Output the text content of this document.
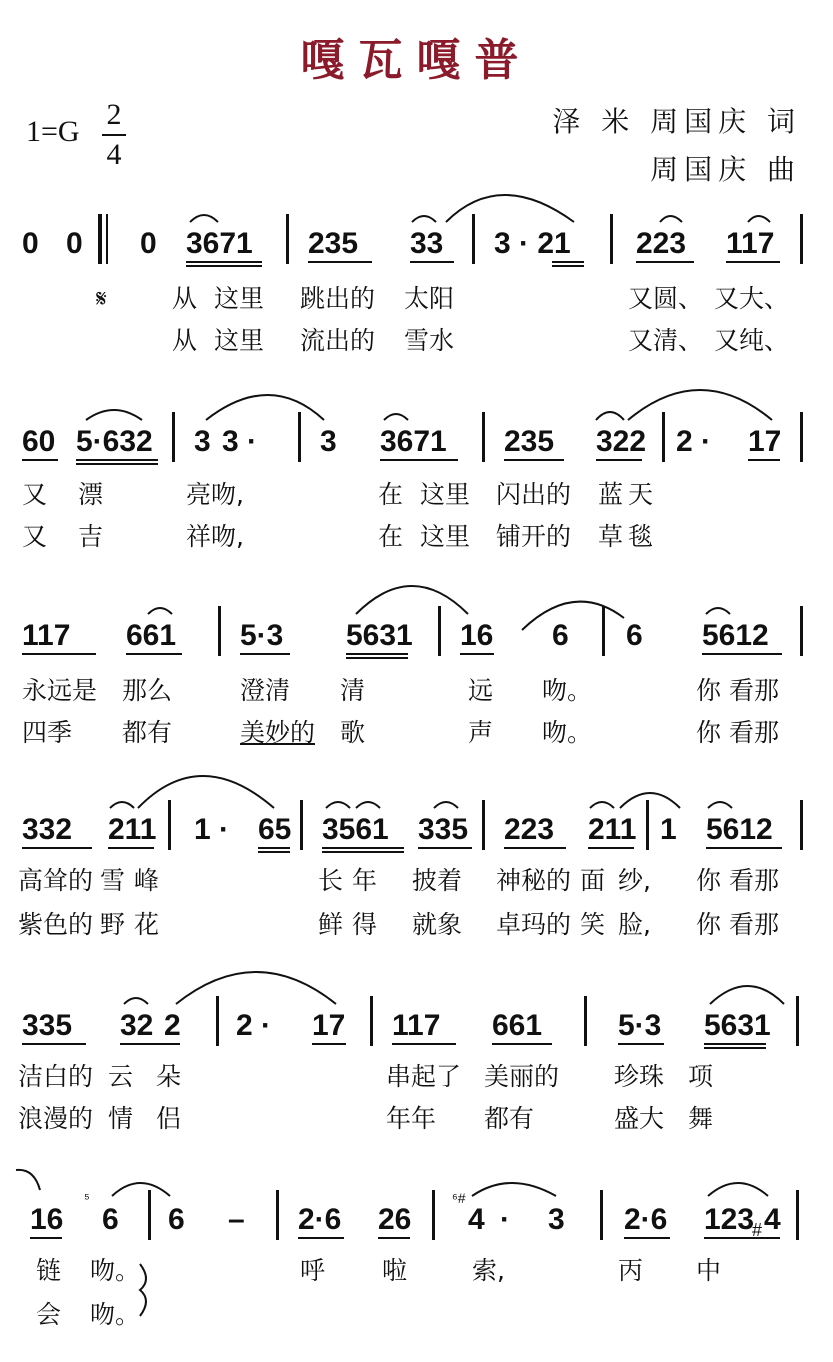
嘎瓦嘎普
1=G
2
4
泽 米 周国庆 词
周国庆 曲
0 0 0 3671 235 33 3 · 21 223 117
𝄋	从 这里 跳出的 太阳	又圆、 又大、
从 这里 流出的 雪水	又清、 又纯、
60 5·632 3 3 · 3 3671 235 322 2 · 17
又 漂	亮吻,	在 这里 闪出的 蓝 天
又 吉	祥吻,	在 这里 铺开的 草 毯
117 661 5·3 5631 16 6 6 5612
永远是 那么	澄清 清	远 吻。	你 看那
四季 都有	美妙的 歌	声 吻。	你 看那
332 211 1 · 65 3561 335 223 211 1 5612
高耸的 雪 峰	长 年 披着 神秘的 面 纱, 你 看那
紫色的 野 花	鲜 得 就象 卓玛的 笑 脸, 你 看那
335 32 2 2 · 17 117 661	5·3 5631
洁白的 云 朵	串起了 美丽的 珍珠 项
浪漫的 情 侣	年年 都有	盛大 舞
16 6 6 – 2·6 26 4 · 3 2·6 123 4
⁵	⁶#
#
链 吻。	呼 啦	索,	丙 中
会 吻。
